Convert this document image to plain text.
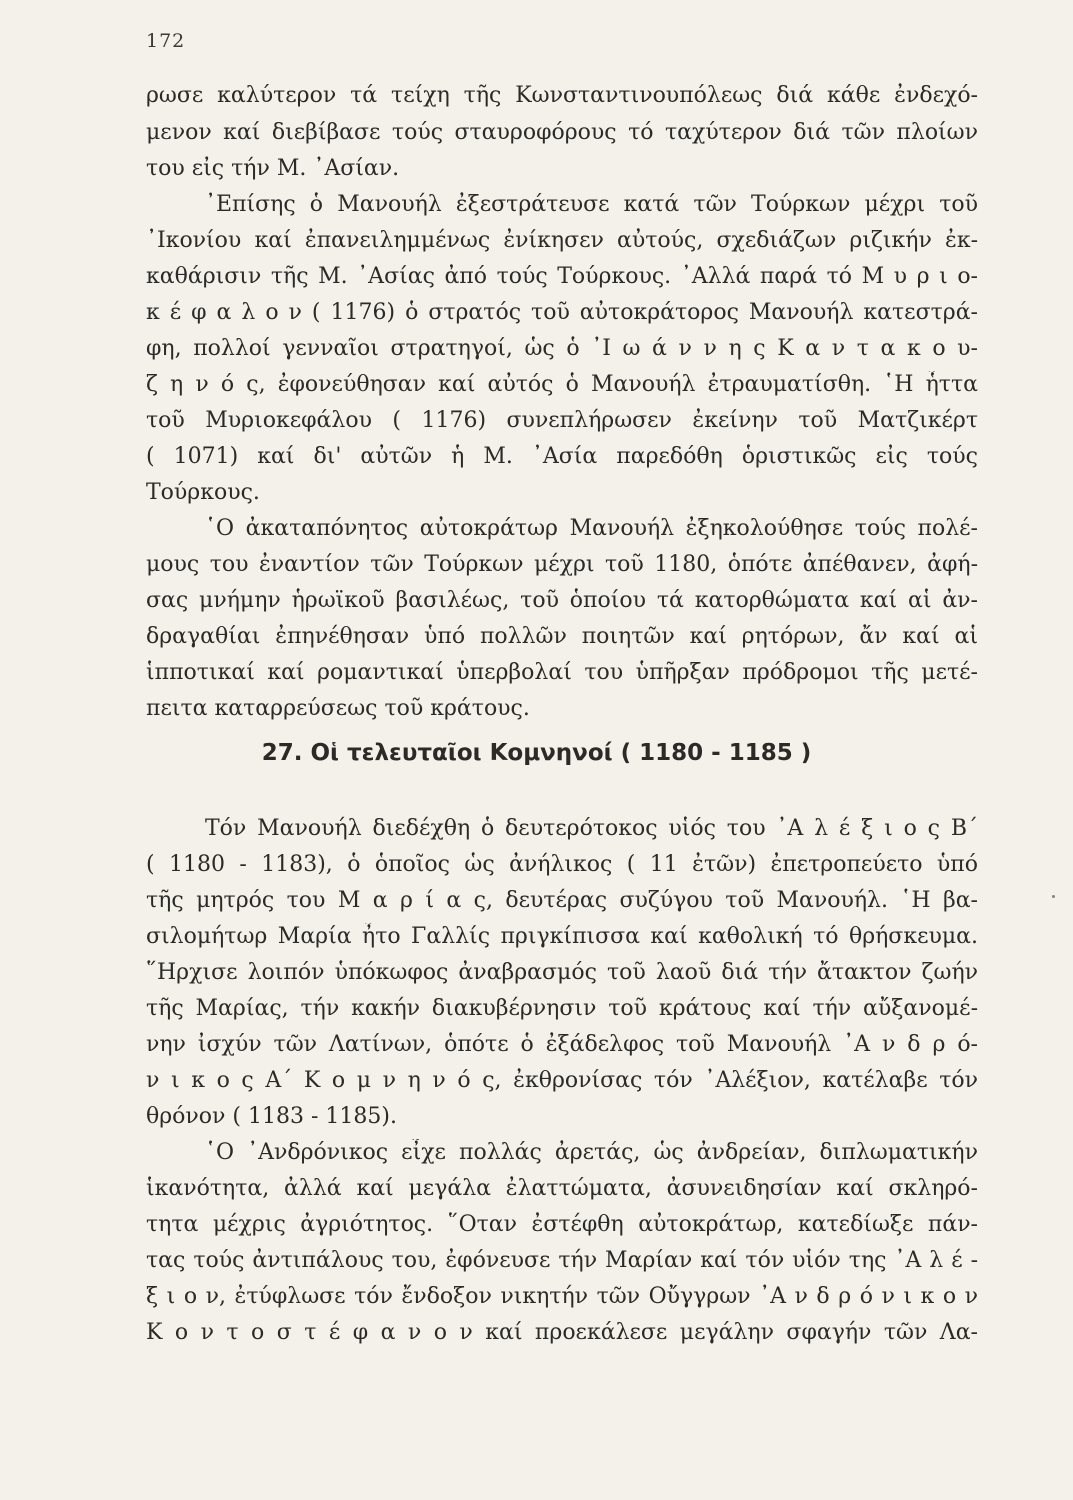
172
ρωσε καλύτερον τά τείχη τῆς Κωνσταντινουπόλεως διά κάθε ἐνδεχό-
μενον καί διεβίβασε τούς σταυροφόρους τό ταχύτερον διά τῶν πλοίων
του εἰς τήν Μ. ᾿Ασίαν.
᾿Επίσης ὁ Μανουήλ ἐξεστράτευσε κατά τῶν Τούρκων μέχρι τοῦ
᾿Ικονίου καί ἐπανειλημμένως ἐνίκησεν αὐτούς, σχεδιάζων ριζικήν ἐκ-
καθάρισιν τῆς Μ. ᾿Ασίας ἀπό τούς Τούρκους. ᾿Αλλά παρά τό Μ υ ρ ι ο-
κ έ φ α λ ο ν ( 1176) ὁ στρατός τοῦ αὐτοκράτορος Μανουήλ κατεστρά-
φη, πολλοί γενναῖοι στρατηγοί, ὡς ὁ ᾿Ι ω ά ν ν η ς Κ α ν τ α κ ο υ-
ζ η ν ό ς, ἐφονεύθησαν καί αὐτός ὁ Μανουήλ ἐτραυματίσθη. ῾Η ἧττα
τοῦ Μυριοκεφάλου ( 1176) συνεπλήρωσεν ἐκείνην τοῦ Ματζικέρτ
( 1071) καί δι' αὐτῶν ἡ Μ. ᾿Ασία παρεδόθη ὁριστικῶς εἰς τούς
Τούρκους.
῾Ο ἀκαταπόνητος αὐτοκράτωρ Μανουήλ ἐξηκολούθησε τούς πολέ-
μους του ἐναντίον τῶν Τούρκων μέχρι τοῦ 1180, ὁπότε ἀπέθανεν, ἀφή-
σας μνήμην ἡρωϊκοῦ βασιλέως, τοῦ ὁποίου τά κατορθώματα καί αἱ ἀν-
δραγαθίαι ἐπηνέθησαν ὑπό πολλῶν ποιητῶν καί ρητόρων, ἄν καί αἱ
ἱπποτικαί καί ρομαντικαί ὑπερβολαί του ὑπῆρξαν πρόδρομοι τῆς μετέ-
πειτα καταρρεύσεως τοῦ κράτους.
27. Οἱ τελευταῖοι Κομνηνοί ( 1180 - 1185 )
Τόν Μανουήλ διεδέχθη ὁ δευτερότοκος υἱός του ᾿Α λ έ ξ ι ο ς Β΄
( 1180 - 1183), ὁ ὁποῖος ὡς ἀνήλικος ( 11 ἐτῶν) ἐπετροπεύετο ὑπό
τῆς μητρός του Μ α ρ ί α ς, δευτέρας συζύγου τοῦ Μανουήλ. ῾Η βα-
σιλομήτωρ Μαρία ἦτο Γαλλίς πριγκίπισσα καί καθολική τό θρήσκευμα.
῞Ηρχισε λοιπόν ὑπόκωφος ἀναβρασμός τοῦ λαοῦ διά τήν ἄτακτον ζωήν
τῆς Μαρίας, τήν κακήν διακυβέρνησιν τοῦ κράτους καί τήν αὔξανομέ-
νην ἰσχύν τῶν Λατίνων, ὁπότε ὁ ἐξάδελφος τοῦ Μανουήλ ᾿Α ν δ ρ ό-
ν ι κ ο ς Α΄ Κ ο μ ν η ν ό ς, ἐκθρονίσας τόν ᾿Αλέξιον, κατέλαβε τόν
θρόνον ( 1183 - 1185).
῾Ο ᾿Ανδρόνικος εἶχε πολλάς ἀρετάς, ὡς ἀνδρείαν, διπλωματικήν
ἱκανότητα, ἀλλά καί μεγάλα ἐλαττώματα, ἀσυνειδησίαν καί σκληρό-
τητα μέχρις ἀγριότητος. ῞Οταν ἐστέφθη αὐτοκράτωρ, κατεδίωξε πάν-
τας τούς ἀντιπάλους του, ἐφόνευσε τήν Μαρίαν καί τόν υἱόν της ᾿Α λ έ -
ξ ι ο ν, ἐτύφλωσε τόν ἔνδοξον νικητήν τῶν Οὔγγρων ᾿Α ν δ ρ ό ν ι κ ο ν
Κ ο ν τ ο σ τ έ φ α ν ο ν καί προεκάλεσε μεγάλην σφαγήν τῶν Λα-
